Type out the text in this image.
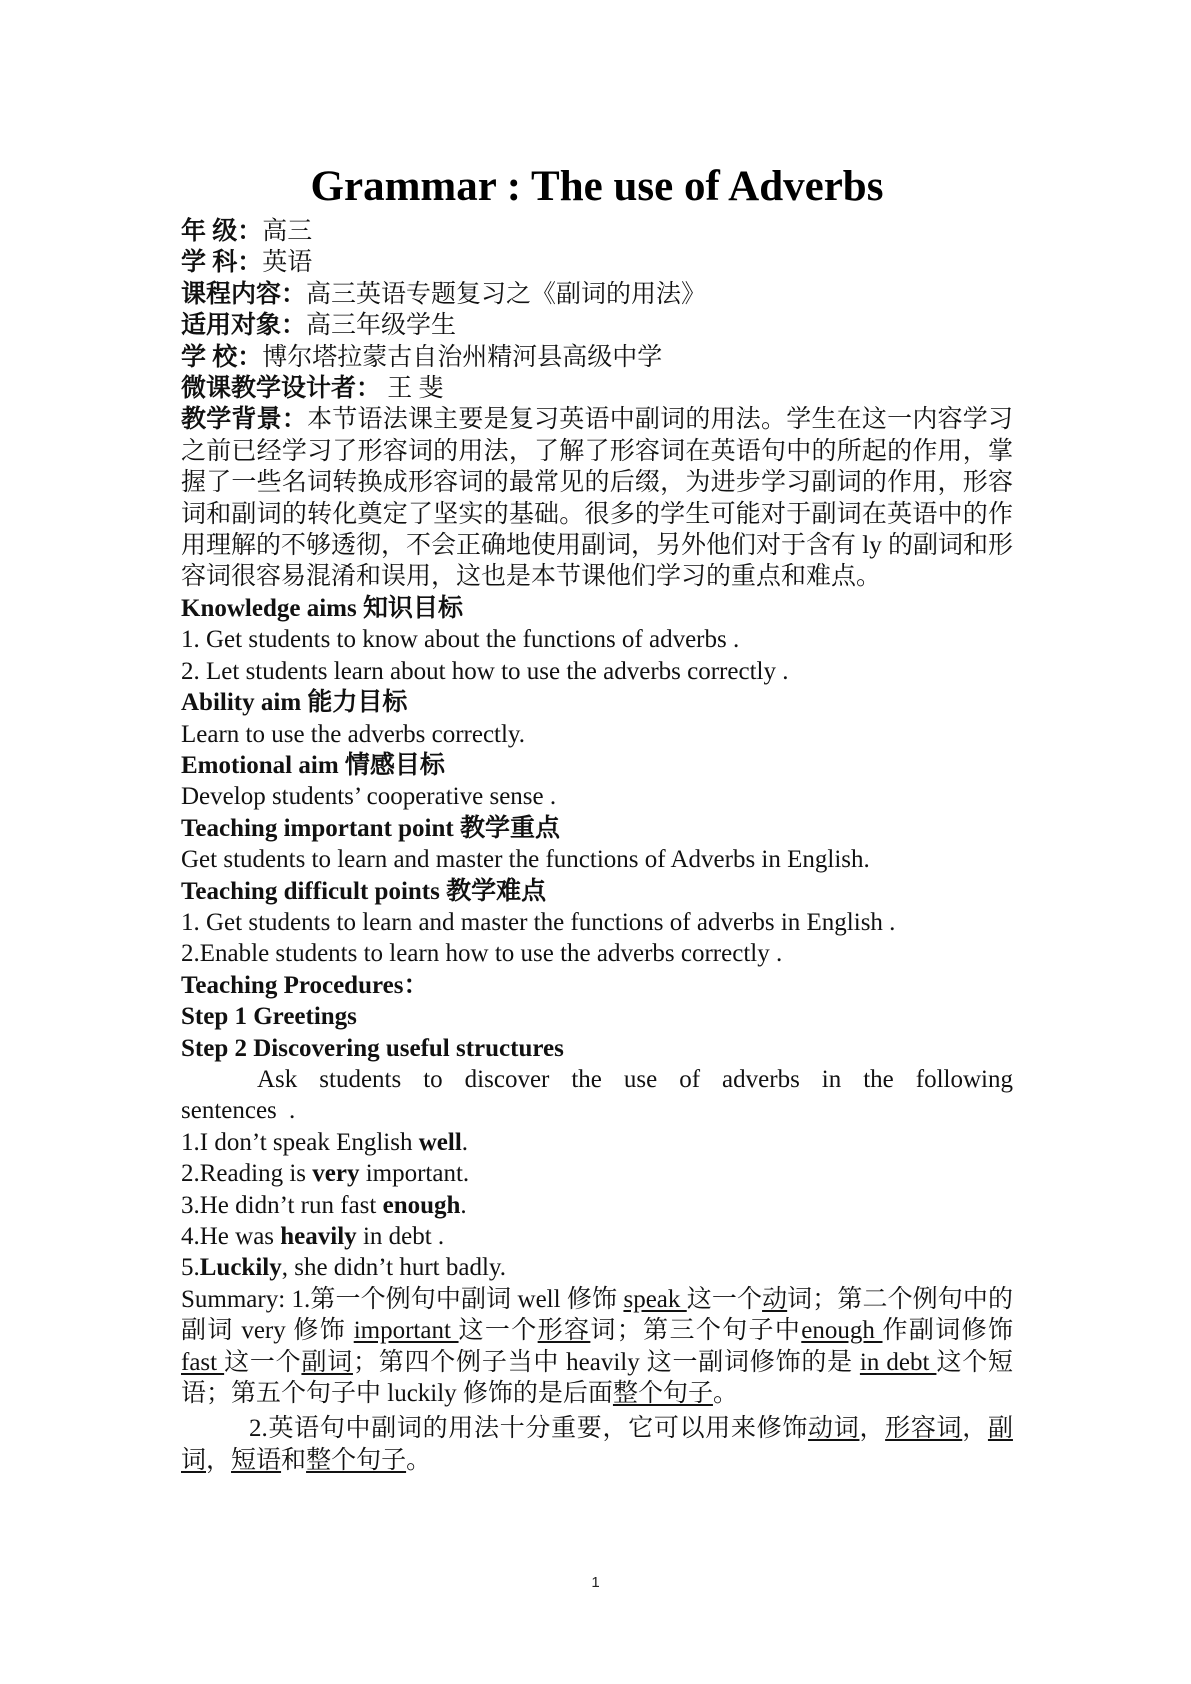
Grammar : The use of Adverbs

年 级：高三

学 科：英语

课程内容：高三英语专题复习之《副词的用法》

适用对象：高三年级学生

学 校：博尔塔拉蒙古自治州精河县高级中学

微课教学设计者： 王 斐

教学背景：本节语法课主要是复习英语中副词的用法。学生在这一内容学习之前已经学习了形容词的用法，了解了形容词在英语句中的所起的作用，掌握了一些名词转换成形容词的最常见的后缀，为进步学习副词的作用，形容词和副词的转化奠定了坚实的基础。很多的学生可能对于副词在英语中的作用理解的不够透彻，不会正确地使用副词，另外他们对于含有 ly 的副词和形容词很容易混淆和误用，这也是本节课他们学习的重点和难点。

Knowledge aims 知识目标

1. Get students to know about the functions of adverbs .

2. Let students learn about how to use the adverbs correctly .

Ability aim 能力目标

Learn to use the adverbs correctly.

Emotional aim 情感目标

Develop students’ cooperative sense .

Teaching important point 教学重点

Get students to learn and master the functions of Adverbs in English.

Teaching difficult points 教学难点

1. Get students to learn and master the functions of adverbs in English .

2.Enable students to learn how to use the adverbs correctly .

Teaching Procedures：

Step 1 Greetings

Step 2 Discovering useful structures

Ask students to discover the use of adverbs in the following sentences .

1.I don’t speak English well.

2.Reading is very important.

3.He didn’t run fast enough.

4.He was heavily in debt .

5.Luckily, she didn’t hurt badly.

Summary: 1.第一个例句中副词 well 修饰 speak 这一个动词；第二个例句中的副词 very 修饰 important 这一个形容词；第三个句子中enough 作副词修饰 fast 这一个副词；第四个例子当中 heavily 这一副词修饰的是 in debt 这个短语；第五个句子中 luckily 修饰的是后面整个句子。

2.英语句中副词的用法十分重要，它可以用来修饰动词，形容词，副词，短语和整个句子。

1
